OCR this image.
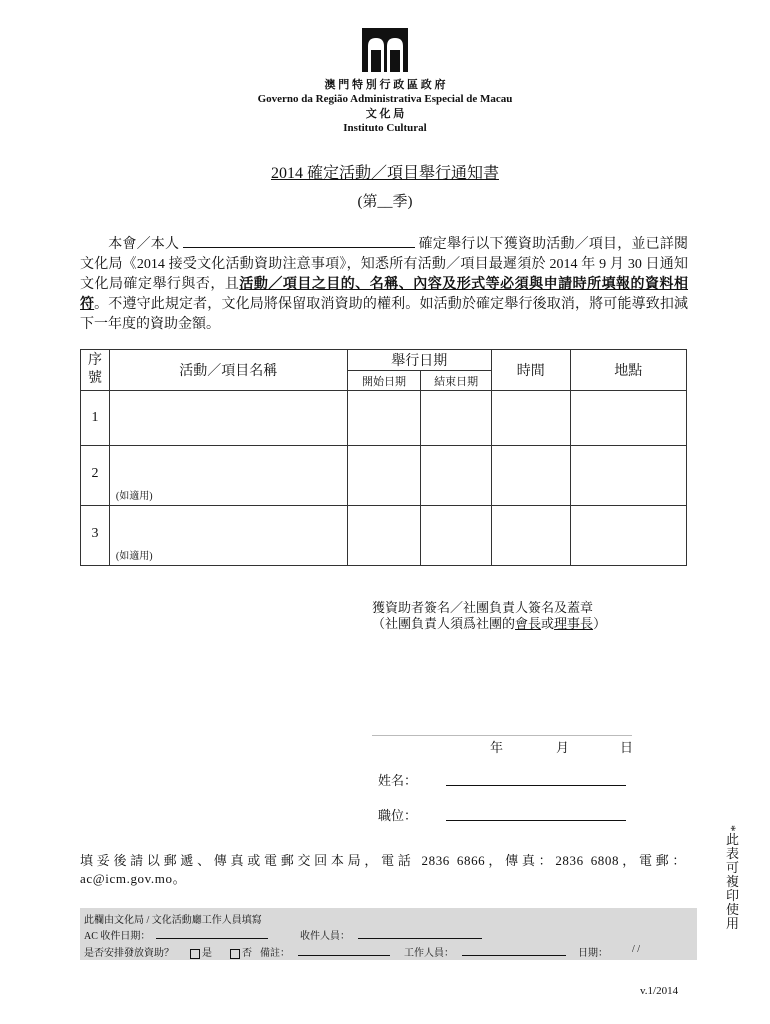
澳 門 特 別 行 政 區 政 府
Governo da Região Administrativa Especial de Macau
文 化 局
Instituto Cultural
2014 確定活動／項目舉行通知書
(第__季)
本會／本人	確定舉行以下獲資助活動／項目，並已詳閱文化局《2014 接受文化活動資助注意事項》，知悉所有活動／項目最遲須於 2014 年 9 月 30 日通知文化局確定舉行與否，且活動／項目之目的、名稱、內容及形式等必須與申請時所填報的資料相符。不遵守此規定者，文化局將保留取消資助的權利。如活動於確定舉行後取消，將可能導致扣減下一年度的資助金額。
序號	活動／項目名稱	舉行日期		時間	地點
		開始日期	結束日期		
1					
2	(如適用)				
3	(如適用)				
獲資助者簽名／社團負責人簽名及蓋章
（社團負責人須爲社團的會長或理事長）
年	月	日
姓名：
職位：
*此表可複印使用
填妥後請以郵遞、傳真或電郵交回本局，電話 2836 6866，傳真：2836 6808，電郵：ac@icm.gov.mo。
此欄由文化局 / 文化活動廳工作人員填寫
AC 收件日期：	收件人員：
是否安排發放資助？	是	否 備註：	工作人員：	日期： / /
v.1/2014
